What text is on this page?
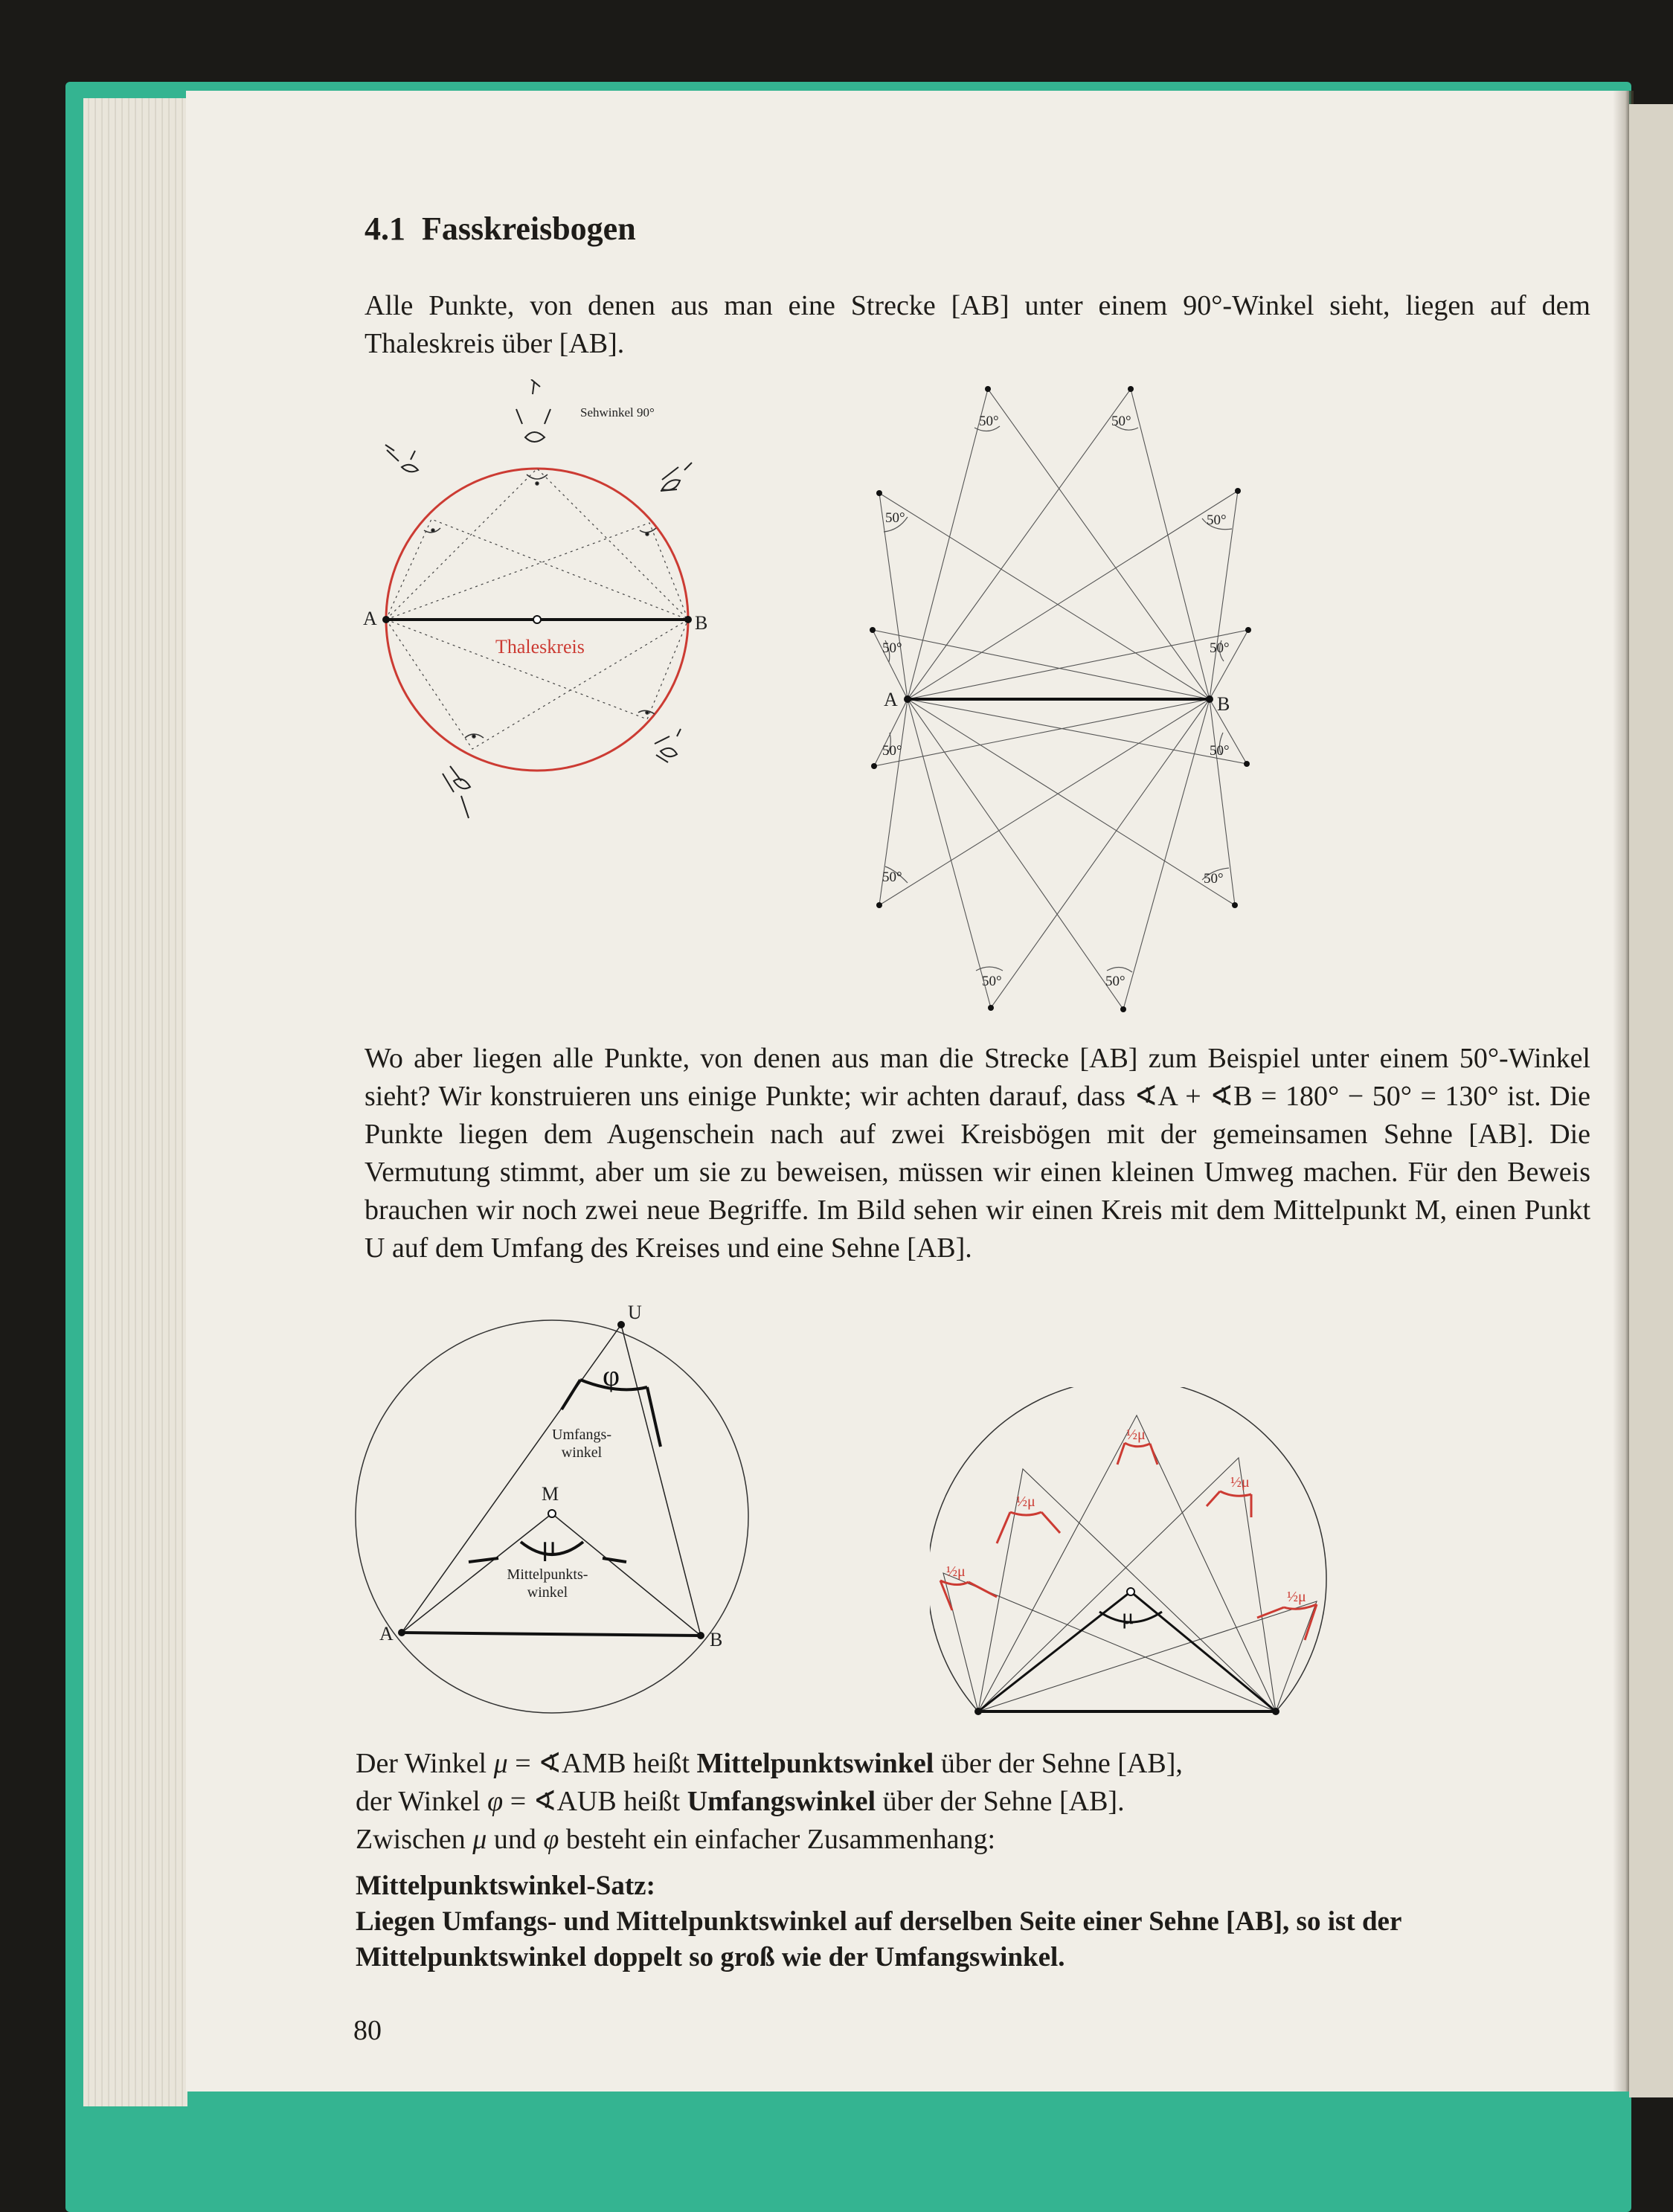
4.1 Fasskreisbogen

Alle Punkte, von denen aus man eine Strecke [AB] unter einem 90°-Winkel sieht, liegen auf dem Thaleskreis über [AB].

Sehwinkel 90°
Thaleskreis
A	B
50°	50°
50°	50°
50°	50°
50°	50°
50°	50°
50°	50°
A	B

Wo aber liegen alle Punkte, von denen aus man die Strecke [AB] zum Beispiel unter einem 50°-Winkel sieht? Wir konstruieren uns einige Punkte; wir achten darauf, dass ∢A + ∢B = 180° − 50° = 130° ist. Die Punkte liegen dem Augenschein nach auf zwei Kreisbögen mit der gemeinsamen Sehne [AB]. Die Vermutung stimmt, aber um sie zu beweisen, müssen wir einen kleinen Umweg machen. Für den Beweis brauchen wir noch zwei neue Begriffe. Im Bild sehen wir einen Kreis mit dem Mittelpunkt M, einen Punkt U auf dem Umfang des Kreises und eine Sehne [AB].

φ
μ
U
M
A	B
Umfangs-winkel
Mittelpunkts-winkel
½μ
½μ
½μ
½μ
½μ
μ

Der Winkel μ = ∢AMB heißt Mittelpunktswinkel über der Sehne [AB],

der Winkel φ = ∢AUB heißt Umfangswinkel über der Sehne [AB].

Zwischen μ und φ besteht ein einfacher Zusammenhang:

Mittelpunktswinkel-Satz:

Liegen Umfangs- und Mittelpunktswinkel auf derselben Seite einer Sehne [AB], so ist der

Mittelpunktswinkel doppelt so groß wie der Umfangswinkel.

80
